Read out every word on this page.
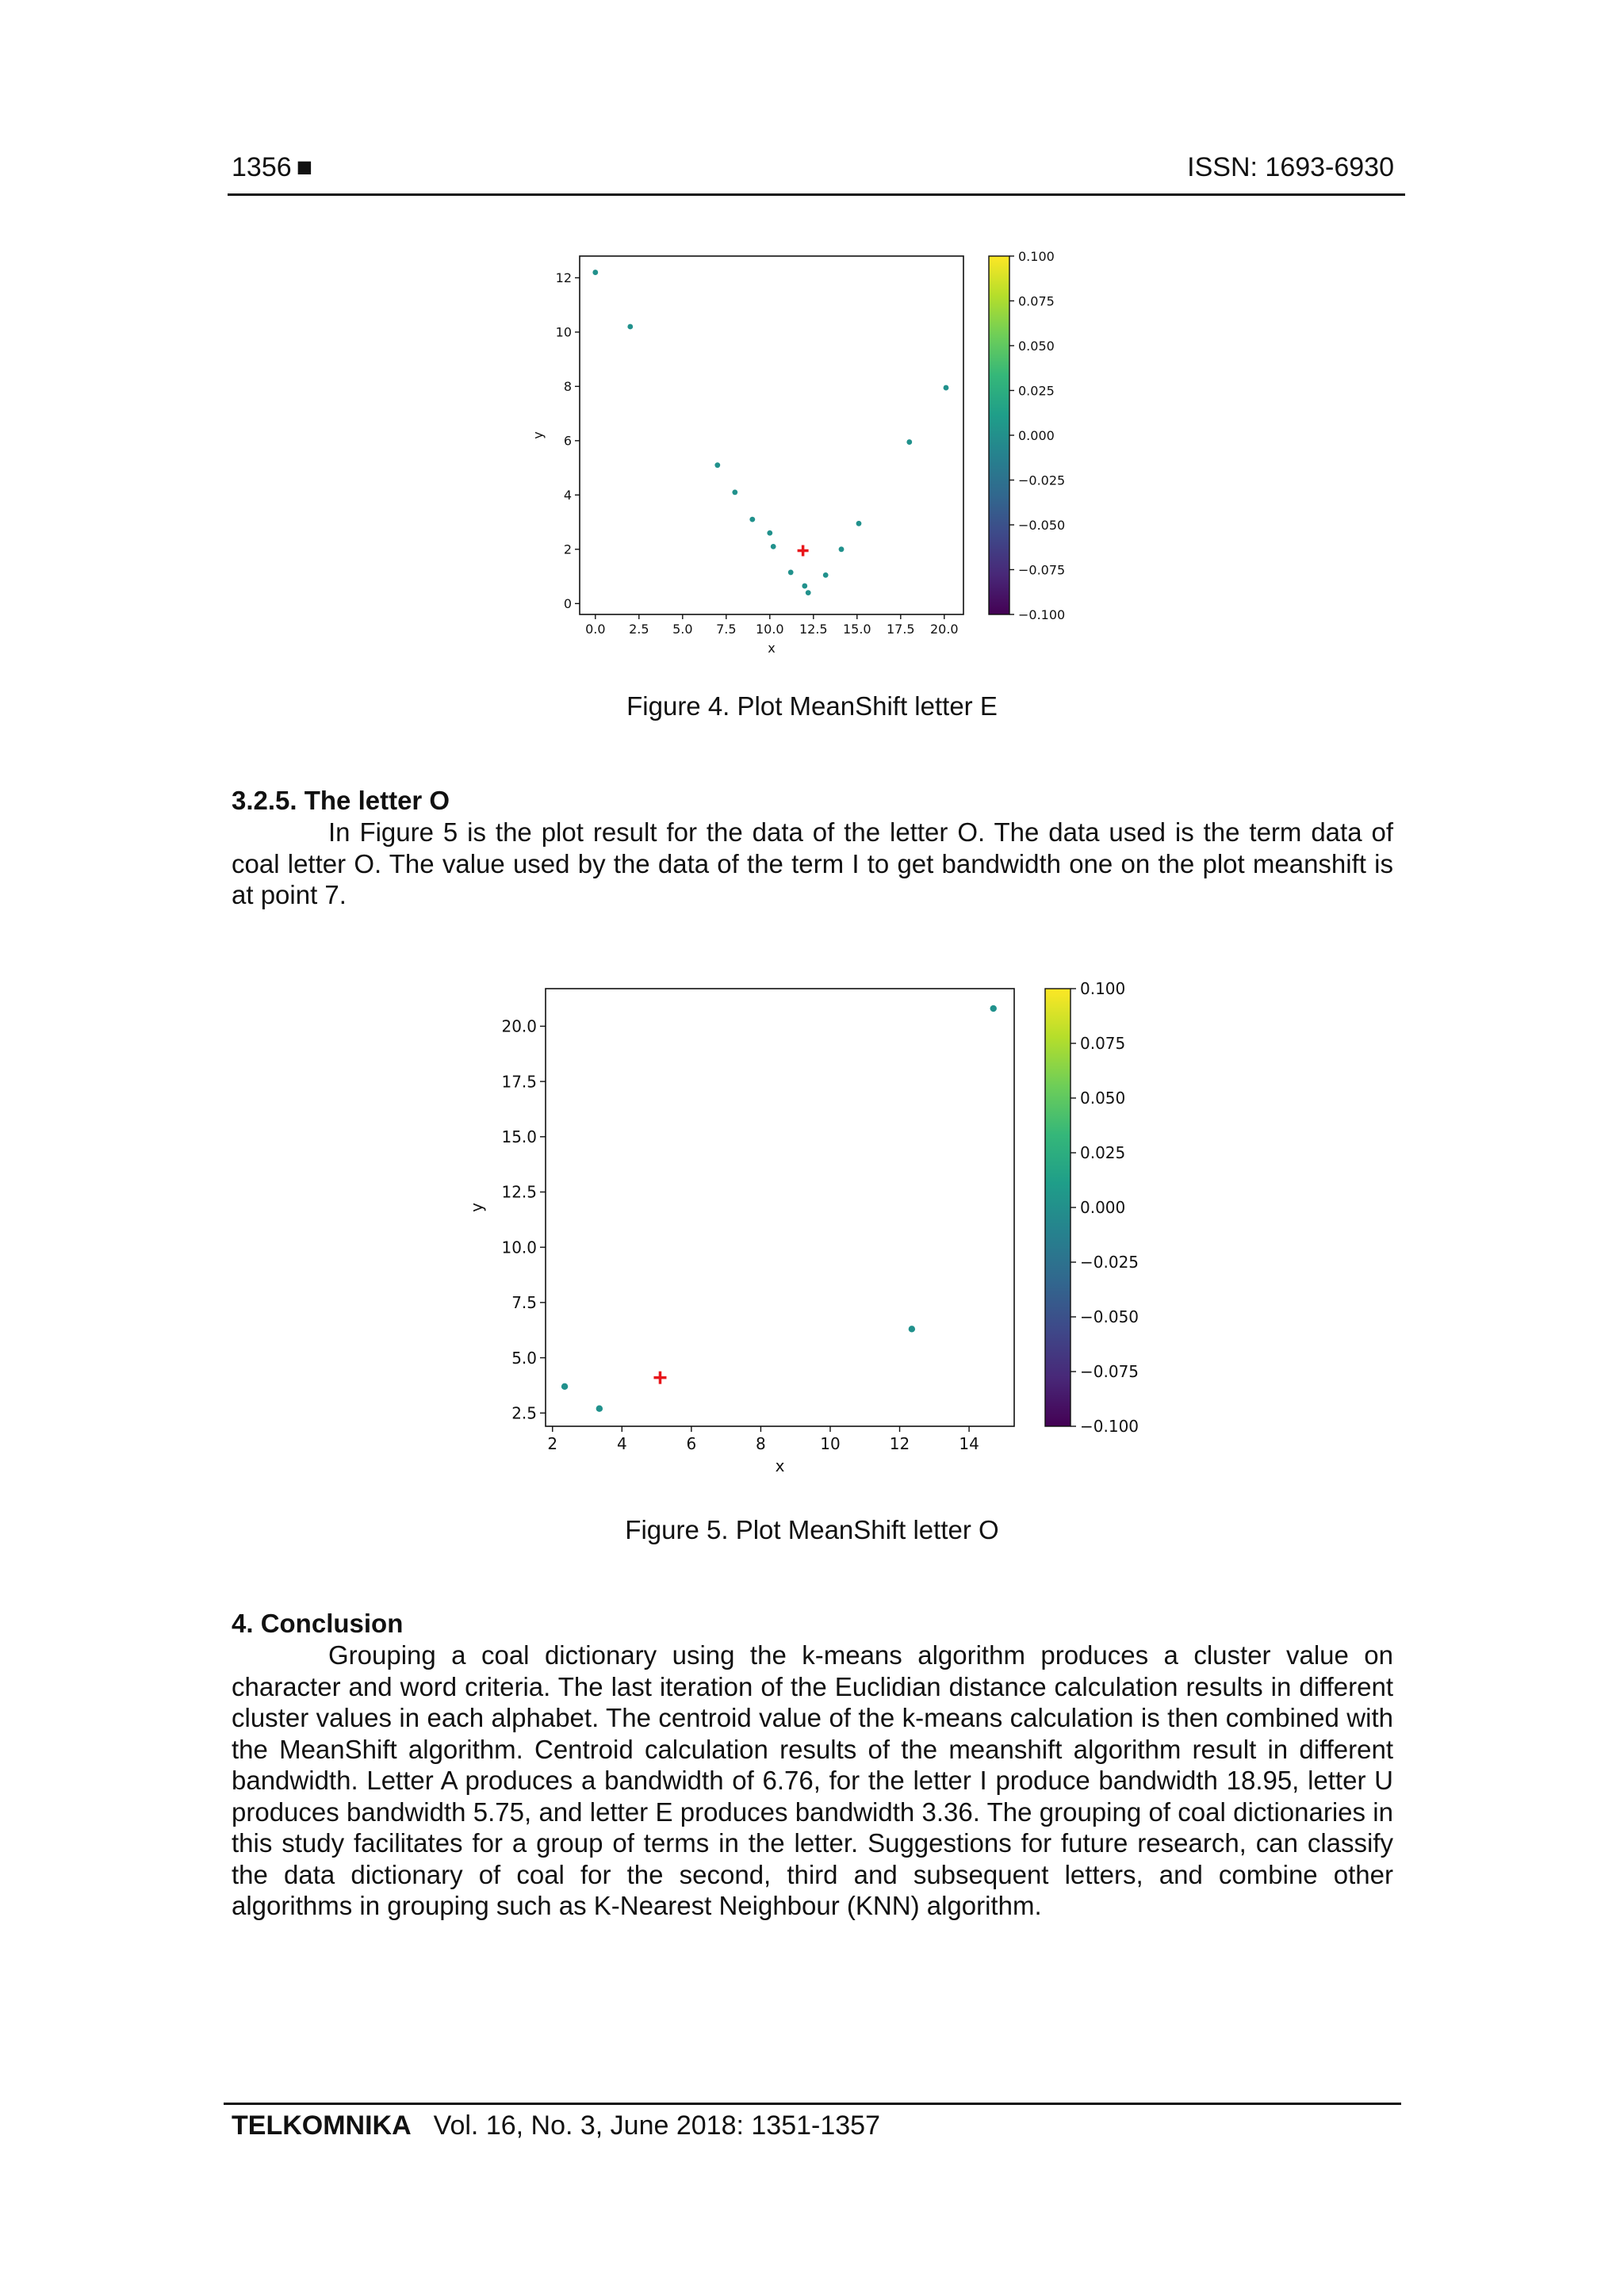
1356 ■	ISSN: 1693-6930
0.0 2.5 5.0 7.5 10.0 12.5 15.0 17.5 20.0
0
2
4
6
8
10
12
x
y
0.100
0.075
0.050
0.025
0.000
−0.025
−0.050
−0.075
−0.100
Figure 4. Plot MeanShift letter E
3.2.5. The letter O
In Figure 5 is the plot result for the data of the letter O. The data used is the term data of coal letter O. The value used by the data of the term I to get bandwidth one on the plot meanshift is at point 7.
2	4	6	8	10	12	14
2.5
5.0
7.5
10.0
12.5
15.0
17.5
20.0
x
y
0.100
0.075
0.050
0.025
0.000
−0.025
−0.050
−0.075
−0.100
Figure 5. Plot MeanShift letter O
4. Conclusion
Grouping a coal dictionary using the k-means algorithm produces a cluster value on character and word criteria. The last iteration of the Euclidian distance calculation results in different cluster values in each alphabet. The centroid value of the k-means calculation is then combined with the MeanShift algorithm. Centroid calculation results of the meanshift algorithm result in different bandwidth. Letter A produces a bandwidth of 6.76, for the letter I produce bandwidth 18.95, letter U produces bandwidth 5.75, and letter E produces bandwidth 3.36. The grouping of coal dictionaries in this study facilitates for a group of terms in the letter. Suggestions for future research, can classify the data dictionary of coal for the second, third and subsequent letters, and combine other algorithms in grouping such as K-Nearest Neighbour (KNN) algorithm.
TELKOMNIKA Vol. 16, No. 3, June 2018: 1351-1357
